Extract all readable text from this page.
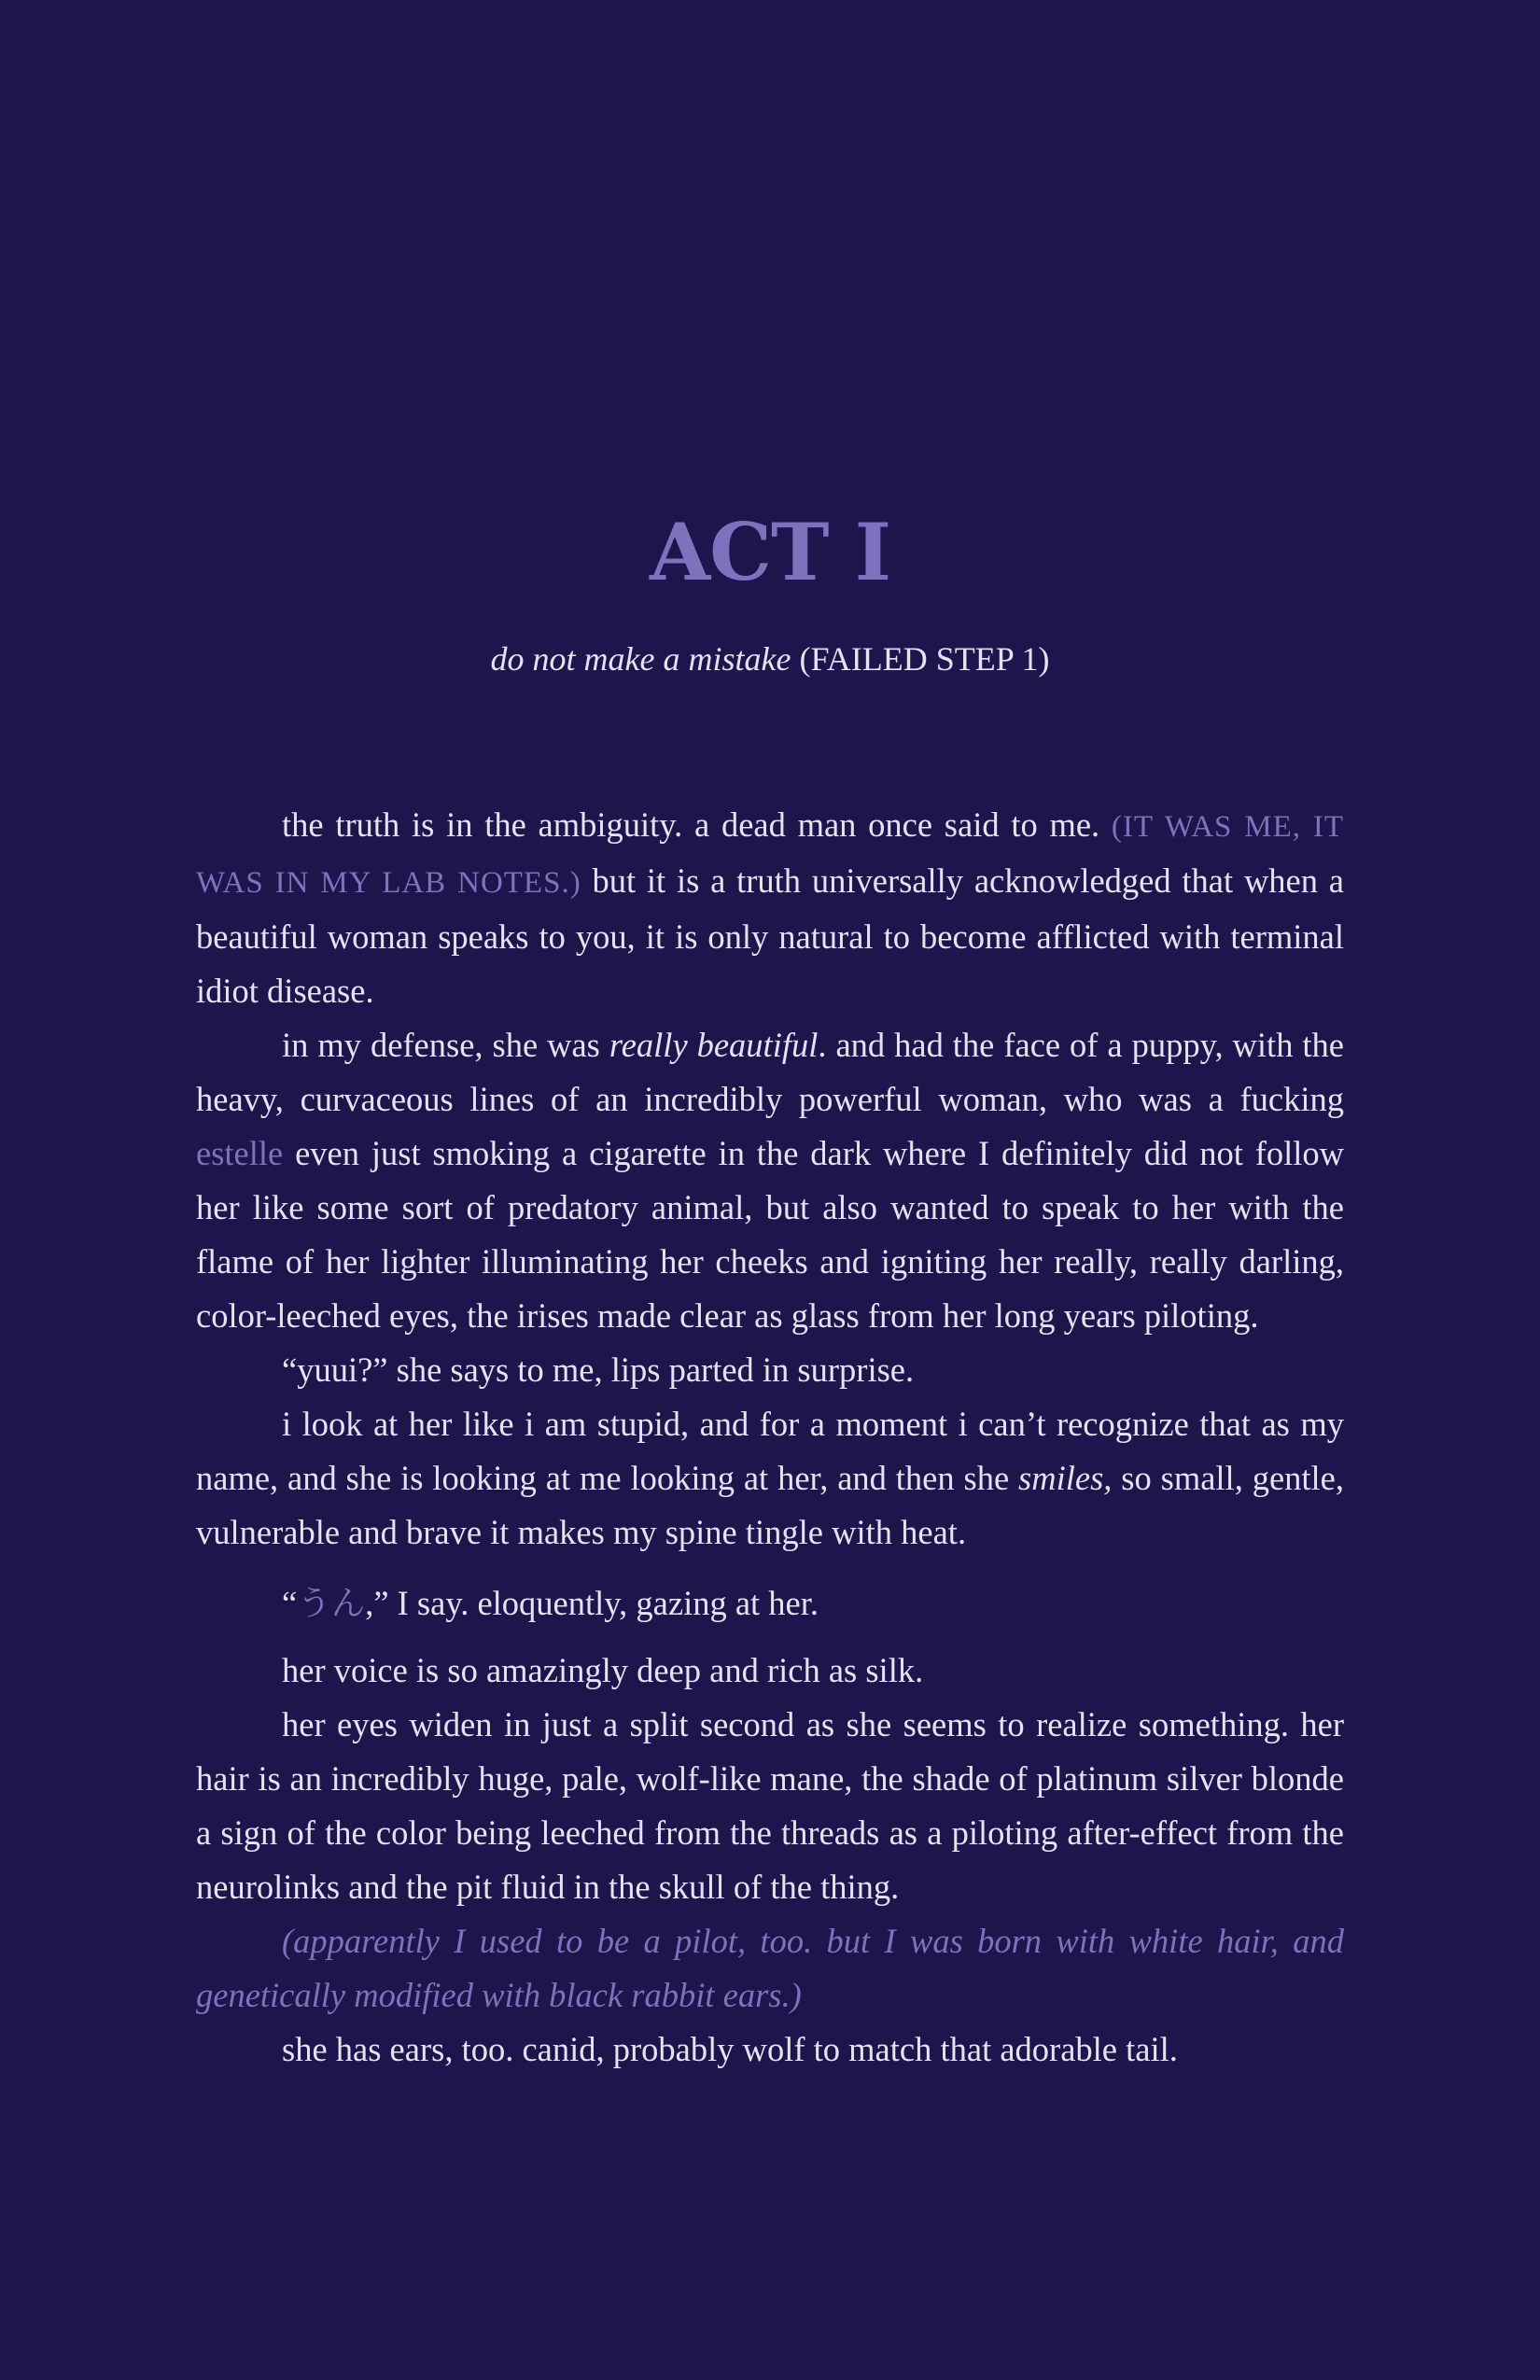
ACT I
do not make a mistake (FAILED STEP 1)

the truth is in the ambiguity. a dead man once said to me. (IT WAS ME, IT WAS IN MY LAB NOTES.) but it is a truth universally acknowledged that when a beautiful woman speaks to you, it is only natural to become afflicted with terminal idiot disease.

in my defense, she was really beautiful. and had the face of a puppy, with the heavy, curvaceous lines of an incredibly powerful woman, who was a fucking estelle even just smoking a cigarette in the dark where I definitely did not follow her like some sort of predatory animal, but also wanted to speak to her with the flame of her lighter illuminating her cheeks and igniting her really, really darling, color-leeched eyes, the irises made clear as glass from her long years piloting.

“yuui?” she says to me, lips parted in surprise.

i look at her like i am stupid, and for a moment i can’t recognize that as my name, and she is looking at me looking at her, and then she smiles, so small, gentle, vulnerable and brave it makes my spine tingle with heat.

“うん,” I say. eloquently, gazing at her.

her voice is so amazingly deep and rich as silk.

her eyes widen in just a split second as she seems to realize something. her hair is an incredibly huge, pale, wolf-like mane, the shade of platinum silver blonde a sign of the color being leeched from the threads as a piloting after-effect from the neurolinks and the pit fluid in the skull of the thing.

(apparently I used to be a pilot, too. but I was born with white hair, and genetically modified with black rabbit ears.)

she has ears, too. canid, probably wolf to match that adorable tail.
